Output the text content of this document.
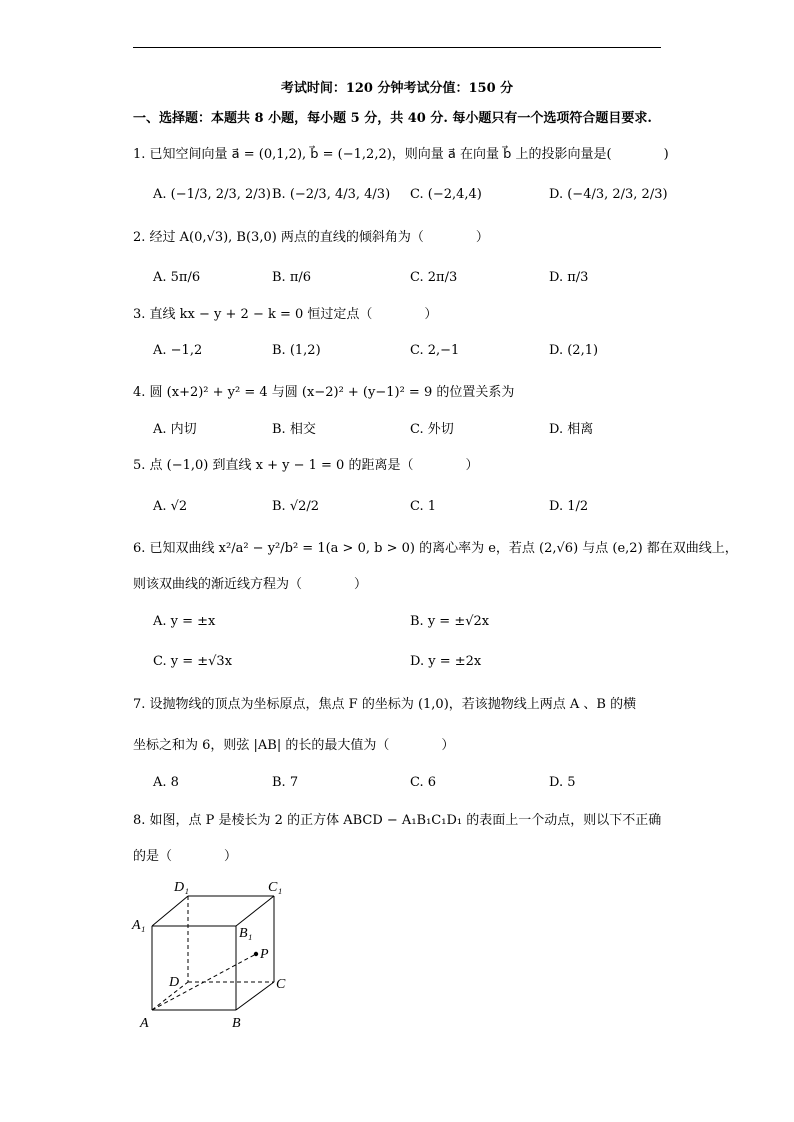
考试时间：120 分钟考试分值：150 分
一、选择题：本题共 8 小题，每小题 5 分，共 40 分. 每小题只有一个选项符合题目要求.
1. 已知空间向量 a⃗ = (0,1,2), b⃗ = (−1,2,2)，则向量 a⃗ 在向量 b⃗ 上的投影向量是(　　　　)
A. (−1/3, 2/3, 2/3) B. (−2/3, 4/3, 4/3) C. (−2,4,4)	D. (−4/3, 2/3, 2/3)
2. 经过 A(0,√3), B(3,0) 两点的直线的倾斜角为（　　　　）
A. 5π/6	B. π/6	C. 2π/3	D. π/3
3. 直线 kx − y + 2 − k = 0 恒过定点（　　　　）
A. −1,2	B. (1,2)	C. 2,−1	D. (2,1)
4. 圆 (x+2)² + y² = 4 与圆 (x−2)² + (y−1)² = 9 的位置关系为
A. 内切	B. 相交	C. 外切	D. 相离
5. 点 (−1,0) 到直线 x + y − 1 = 0 的距离是（　　　　）
A. √2	B. √2/2	C. 1	D. 1/2
6. 已知双曲线 x²/a² − y²/b² = 1(a > 0, b > 0) 的离心率为 e，若点 (2,√6) 与点 (e,2) 都在双曲线上，
则该双曲线的渐近线方程为（　　　　）
A. y = ±x	B. y = ±√2x
C. y = ±√3x	D. y = ±2x
7. 设抛物线的顶点为坐标原点，焦点 F 的坐标为 (1,0)，若该抛物线上两点 A 、B 的横
坐标之和为 6，则弦 |AB| 的长的最大值为（　　　　）
A. 8	B. 7	C. 6	D. 5
8. 如图，点 P 是棱长为 2 的正方体 ABCD − A₁B₁C₁D₁ 的表面上一个动点，则以下不正确
的是（　　　　）
A	B
C
D
A₁
B₁
C₁
D₁
P
